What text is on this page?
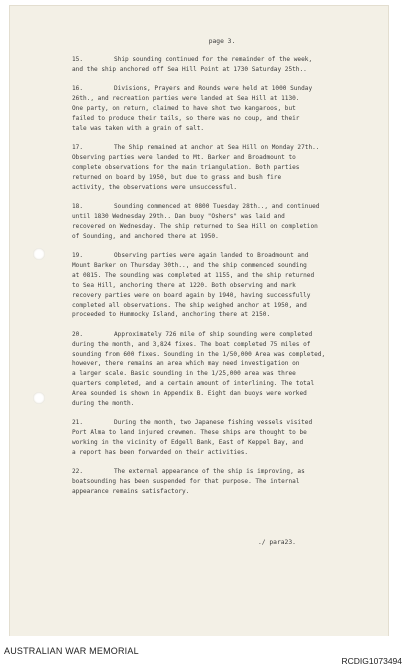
page 3.
15.	Ship sounding continued for the remainder of the week,
and the ship anchored off Sea Hill Point at 1730 Saturday 25th..
16.	Divisions, Prayers and Rounds were held at 1000 Sunday
26th., and recreation parties were landed at Sea Hill at 1130.
One party, on return, claimed to have shot two kangaroos, but
failed to produce their tails, so there was no coup, and their
tale was taken with a grain of salt.
17.	The Ship remained at anchor at Sea Hill on Monday 27th..
Observing parties were landed to Mt. Barker and Broadmount to
complete observations for the main triangulation. Both parties
returned on board by 1950, but due to grass and bush fire
activity, the observations were unsuccessful.
18.	Sounding commenced at 0800 Tuesday 28th.., and continued
until 1830 Wednesday 29th.. Dan buoy "Oshers" was laid and
recovered on Wednesday. The ship returned to Sea Hill on completion
of Sounding, and anchored there at 1950.
19.	Observing parties were again landed to Broadmount and
Mount Barker on Thursday 30th.., and the ship commenced sounding
at 0815. The sounding was completed at 1155, and the ship returned
to Sea Hill, anchoring there at 1220. Both observing and mark
recovery parties were on board again by 1940, having successfully
completed all observations. The ship weighed anchor at 1950, and
proceeded to Hummocky Island, anchoring there at 2150.
20.	Approximately 726 mile of ship sounding were completed
during the month, and 3,824 fixes. The boat completed 75 miles of
sounding from 600 fixes. Sounding in the 1/50,000 Area was completed,
however, there remains an area which may need investigation on
a larger scale. Basic sounding in the 1/25,000 area was three
quarters completed, and a certain amount of interlining. The total
Area sounded is shown in Appendix B. Eight dan buoys were worked
during the month.
21.	During the month, two Japanese fishing vessels visited
Port Alma to land injured crewmen. These ships are thought to be
working in the vicinity of Edgell Bank, East of Keppel Bay, and
a report has been forwarded on their activities.
22.	The external appearance of the ship is improving, as
boatsounding has been suspended for that purpose. The internal
appearance remains satisfactory.
./ para23.
AUSTRALIAN WAR MEMORIAL
RCDIG1073494
